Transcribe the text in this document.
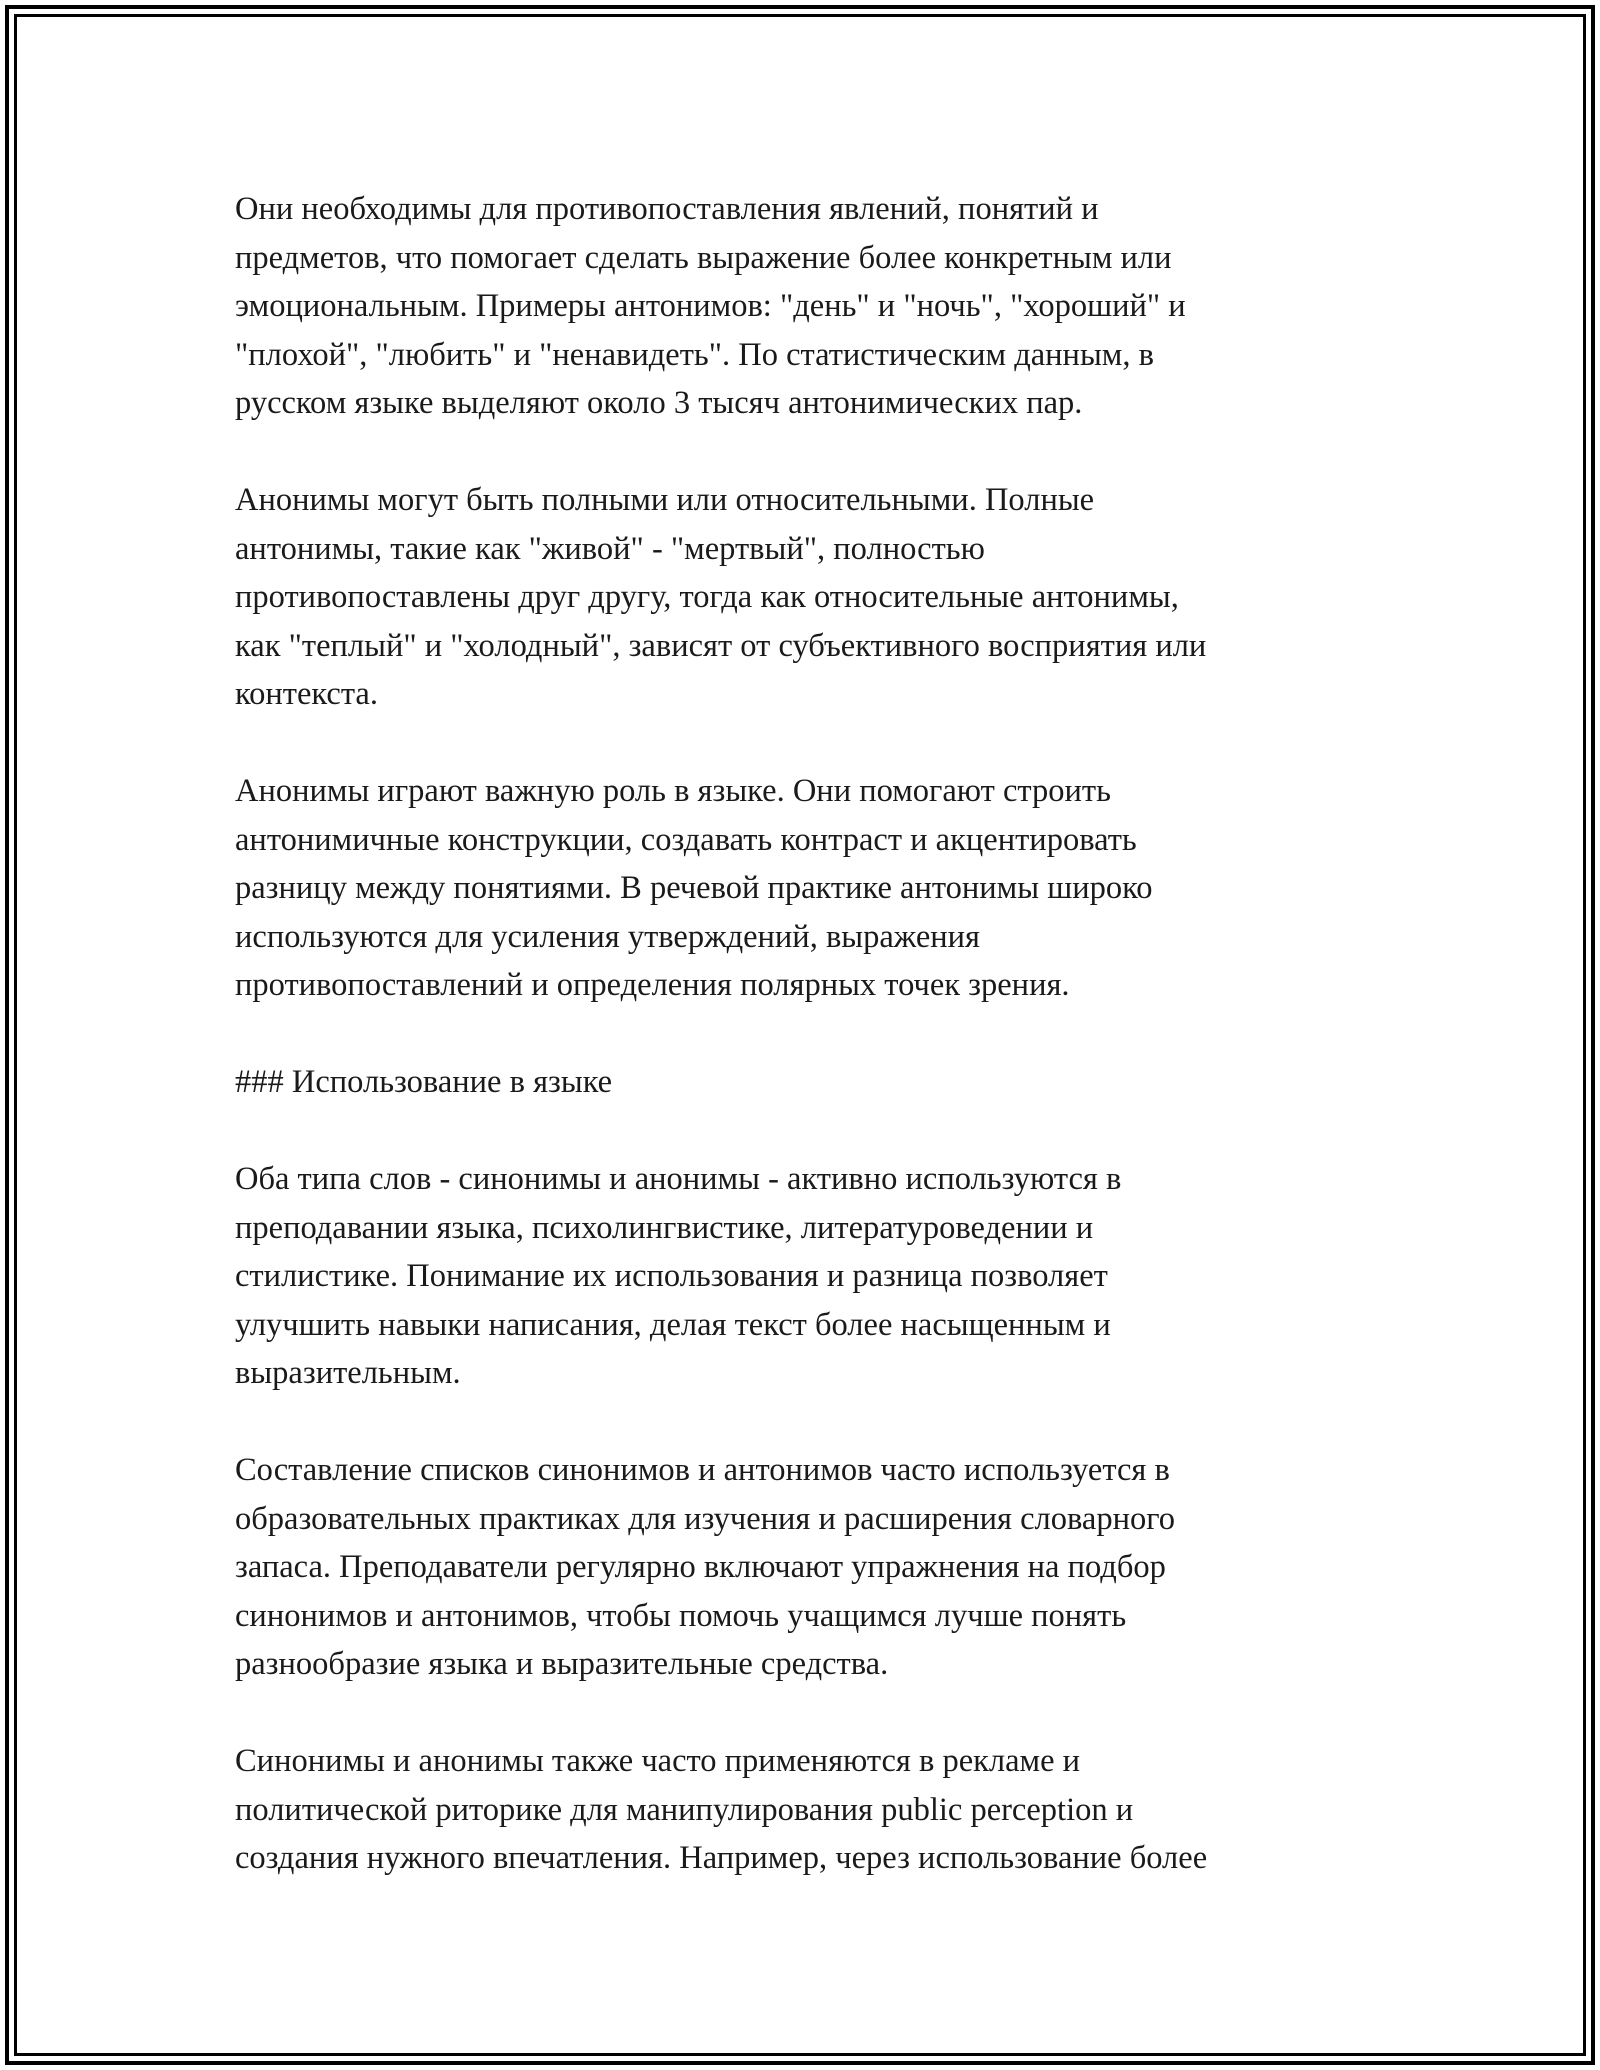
Они необходимы для противопоставления явлений, понятий и
предметов, что помогает сделать выражение более конкретным или
эмоциональным. Примеры антонимов: "день" и "ночь", "хороший" и
"плохой", "любить" и "ненавидеть". По статистическим данным, в
русском языке выделяют около 3 тысяч антонимических пар.

Анонимы могут быть полными или относительными. Полные
антонимы, такие как "живой" - "мертвый", полностью
противопоставлены друг другу, тогда как относительные антонимы,
как "теплый" и "холодный", зависят от субъективного восприятия или
контекста.

Анонимы играют важную роль в языке. Они помогают строить
антонимичные конструкции, создавать контраст и акцентировать
разницу между понятиями. В речевой практике антонимы широко
используются для усиления утверждений, выражения
противопоставлений и определения полярных точек зрения.

### Использование в языке

Оба типа слов - синонимы и анонимы - активно используются в
преподавании языка, психолингвистике, литературоведении и
стилистике. Понимание их использования и разница позволяет
улучшить навыки написания, делая текст более насыщенным и
выразительным.

Составление списков синонимов и антонимов часто используется в
образовательных практиках для изучения и расширения словарного
запаса. Преподаватели регулярно включают упражнения на подбор
синонимов и антонимов, чтобы помочь учащимся лучше понять
разнообразие языка и выразительные средства.

Синонимы и анонимы также часто применяются в рекламе и
политической риторике для манипулирования public perception и
создания нужного впечатления. Например, через использование более
